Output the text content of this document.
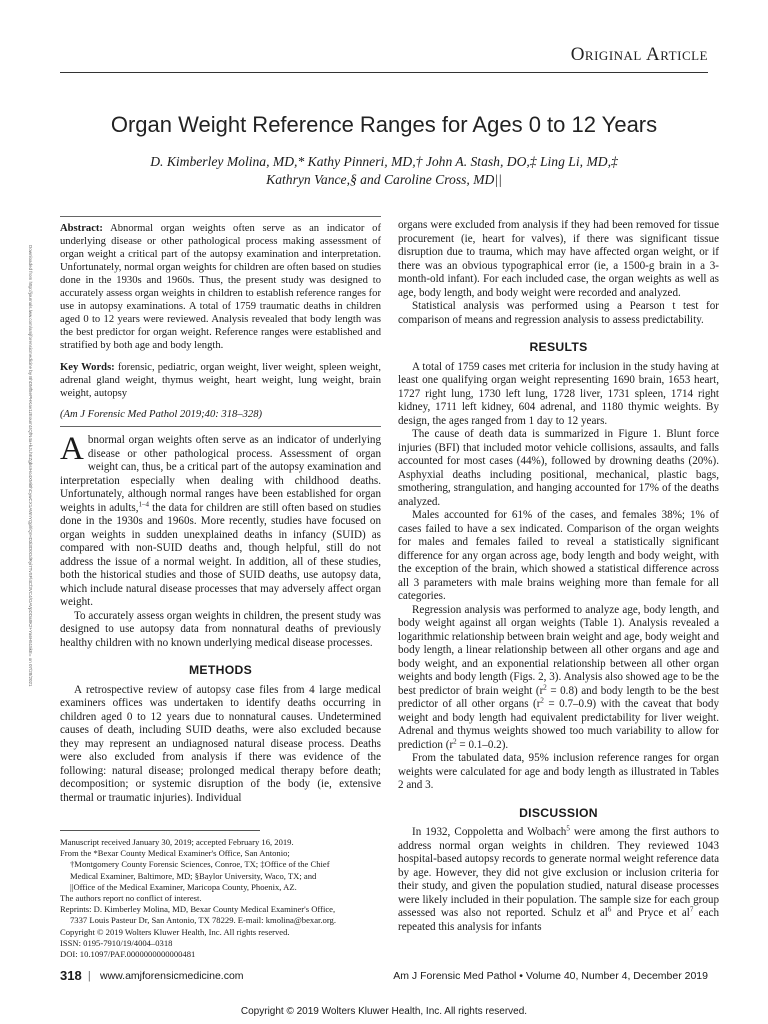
Original Article
Organ Weight Reference Ranges for Ages 0 to 12 Years
D. Kimberley Molina, MD,* Kathy Pinneri, MD,† John A. Stash, DO,‡ Ling Li, MD,‡
Kathryn Vance,§ and Caroline Cross, MD||
Downloaded from http://journals.lww.com/amjforensicmedicine by BhDMf5ePHKav1zEoum1tQfN4a+kJLhEZgbsIHo4XMi0hCywCX1AWnYQp/IlQrHD3i3D0OdRyi7TvSFl4Cf3VC4/OAVpDDa8K2+Ya6H515kE= on 07/28/2021

Abstract: Abnormal organ weights often serve as an indicator of underlying disease or other pathological process making assessment of organ weight a critical part of the autopsy examination and interpretation. Unfortunately, normal organ weights for children are often based on studies done in the 1930s and 1960s. Thus, the present study was designed to accurately assess organ weights in children to establish reference ranges for use in autopsy examinations. A total of 1759 traumatic deaths in children aged 0 to 12 years were reviewed. Analysis revealed that body length was the best predictor for organ weight. Reference ranges were established and stratified by both age and body length.

Key Words: forensic, pediatric, organ weight, liver weight, spleen weight, adrenal gland weight, thymus weight, heart weight, lung weight, brain weight, autopsy

(Am J Forensic Med Pathol 2019;40: 318–328)

Abnormal organ weights often serve as an indicator of underlying disease or other pathological process. Assessment of organ weight can, thus, be a critical part of the autopsy examination and interpretation especially when dealing with childhood deaths. Unfortunately, although normal ranges have been established for organ weights in adults,$^{1-4}$ the data for children are still often based on studies done in the 1930s and 1960s. More recently, studies have focused on organ weights in sudden unexplained deaths in infancy (SUID) as compared with non-SUID deaths and, though helpful, still do not address the issue of a normal weight. In addition, all of these studies, both the historical studies and those of SUID deaths, use autopsy data, which include natural disease processes that may adversely affect organ weight.

To accurately assess organ weights in children, the present study was designed to use autopsy data from nonnatural deaths of previously healthy children with no known underlying medical disease processes.

METHODS

A retrospective review of autopsy case files from 4 large medical examiners offices was undertaken to identify deaths occurring in children aged 0 to 12 years due to nonnatural causes. Undetermined causes of death, including SUID deaths, were also excluded because they may represent an undiagnosed natural disease process. Deaths were also excluded from analysis if there was evidence of the following: natural disease; prolonged medical therapy before death; decomposition; or systemic disruption of the body (ie, extensive thermal or traumatic injuries). Individual

organs were excluded from analysis if they had been removed for tissue procurement (ie, heart for valves), if there was significant tissue disruption due to trauma, which may have affected organ weight, or if there was an obvious typographical error (ie, a 1500-g brain in a 3-month-old infant). For each included case, the organ weights as well as age, body length, and body weight were recorded and analyzed.

Statistical analysis was performed using a Pearson t test for comparison of means and regression analysis to assess predictability.

RESULTS

A total of 1759 cases met criteria for inclusion in the study having at least one qualifying organ weight representing 1690 brain, 1653 heart, 1727 right lung, 1730 left lung, 1728 liver, 1731 spleen, 1714 right kidney, 1711 left kidney, 604 adrenal, and 1180 thymic weights. By design, the ages ranged from 1 day to 12 years.

The cause of death data is summarized in Figure 1. Blunt force injuries (BFI) that included motor vehicle collisions, assaults, and falls accounted for most cases (44%), followed by drowning deaths (20%). Asphyxial deaths including positional, mechanical, plastic bags, smothering, strangulation, and hanging accounted for 17% of the deaths analyzed.

Males accounted for 61% of the cases, and females 38%; 1% of cases failed to have a sex indicated. Comparison of the organ weights for males and females failed to reveal a statistically significant difference for any organ across age, body length and body weight, with the exception of the brain, which showed a statistical difference across all 3 parameters with male brains weighing more than female for all categories.

Regression analysis was performed to analyze age, body length, and body weight against all organ weights (Table 1). Analysis revealed a logarithmic relationship between brain weight and age, body weight and body length, a linear relationship between all other organs and age and body weight, and an exponential relationship between all other organ weights and body length (Figs. 2, 3). Analysis also showed age to be the best predictor of brain weight $(r^2 = 0.8)$ and body length to be the best predictor of all other organs $(r^2 = 0.7-0.9)$ with the caveat that body weight and body length had equivalent predictability for liver weight. Adrenal and thymus weights showed too much variability to allow for prediction $(r^2 = 0.1-0.2)$.

From the tabulated data, 95% inclusion reference ranges for organ weights were calculated for age and body length as illustrated in Tables 2 and 3.

DISCUSSION

In 1932, Coppoletta and Wolbach$^5$ were among the first authors to address normal organ weights in children. They reviewed 1043 hospital-based autopsy records to generate normal weight reference data by age. However, they did not give exclusion or inclusion criteria for their study, and given the population studied, natural disease processes were likely included in their population. The sample size for each group assessed was also not reported. Schulz et $al^6$ and Pryce et $al^7$ each repeated this analysis for infants

Manuscript received January 30, 2019; accepted February 16, 2019.
From the *Bexar County Medical Examiner's Office, San Antonio;
†Montgomery County Forensic Sciences, Conroe, TX; ‡Office of the Chief
Medical Examiner, Baltimore, MD; §Baylor University, Waco, TX; and
||Office of the Medical Examiner, Maricopa County, Phoenix, AZ.
The authors report no conflict of interest.
Reprints: D. Kimberley Molina, MD, Bexar County Medical Examiner's Office,
7337 Louis Pasteur Dr, San Antonio, TX 78229. E-mail: kmolina@bexar.org.
Copyright © 2019 Wolters Kluwer Health, Inc. All rights reserved.
ISSN: 0195-7910/19/4004–0318
DOI: 10.1097/PAF.0000000000000481
318 | www.amjforensicmedicine.com	Am J Forensic Med Pathol • Volume 40, Number 4, December 2019
Copyright © 2019 Wolters Kluwer Health, Inc. All rights reserved.
